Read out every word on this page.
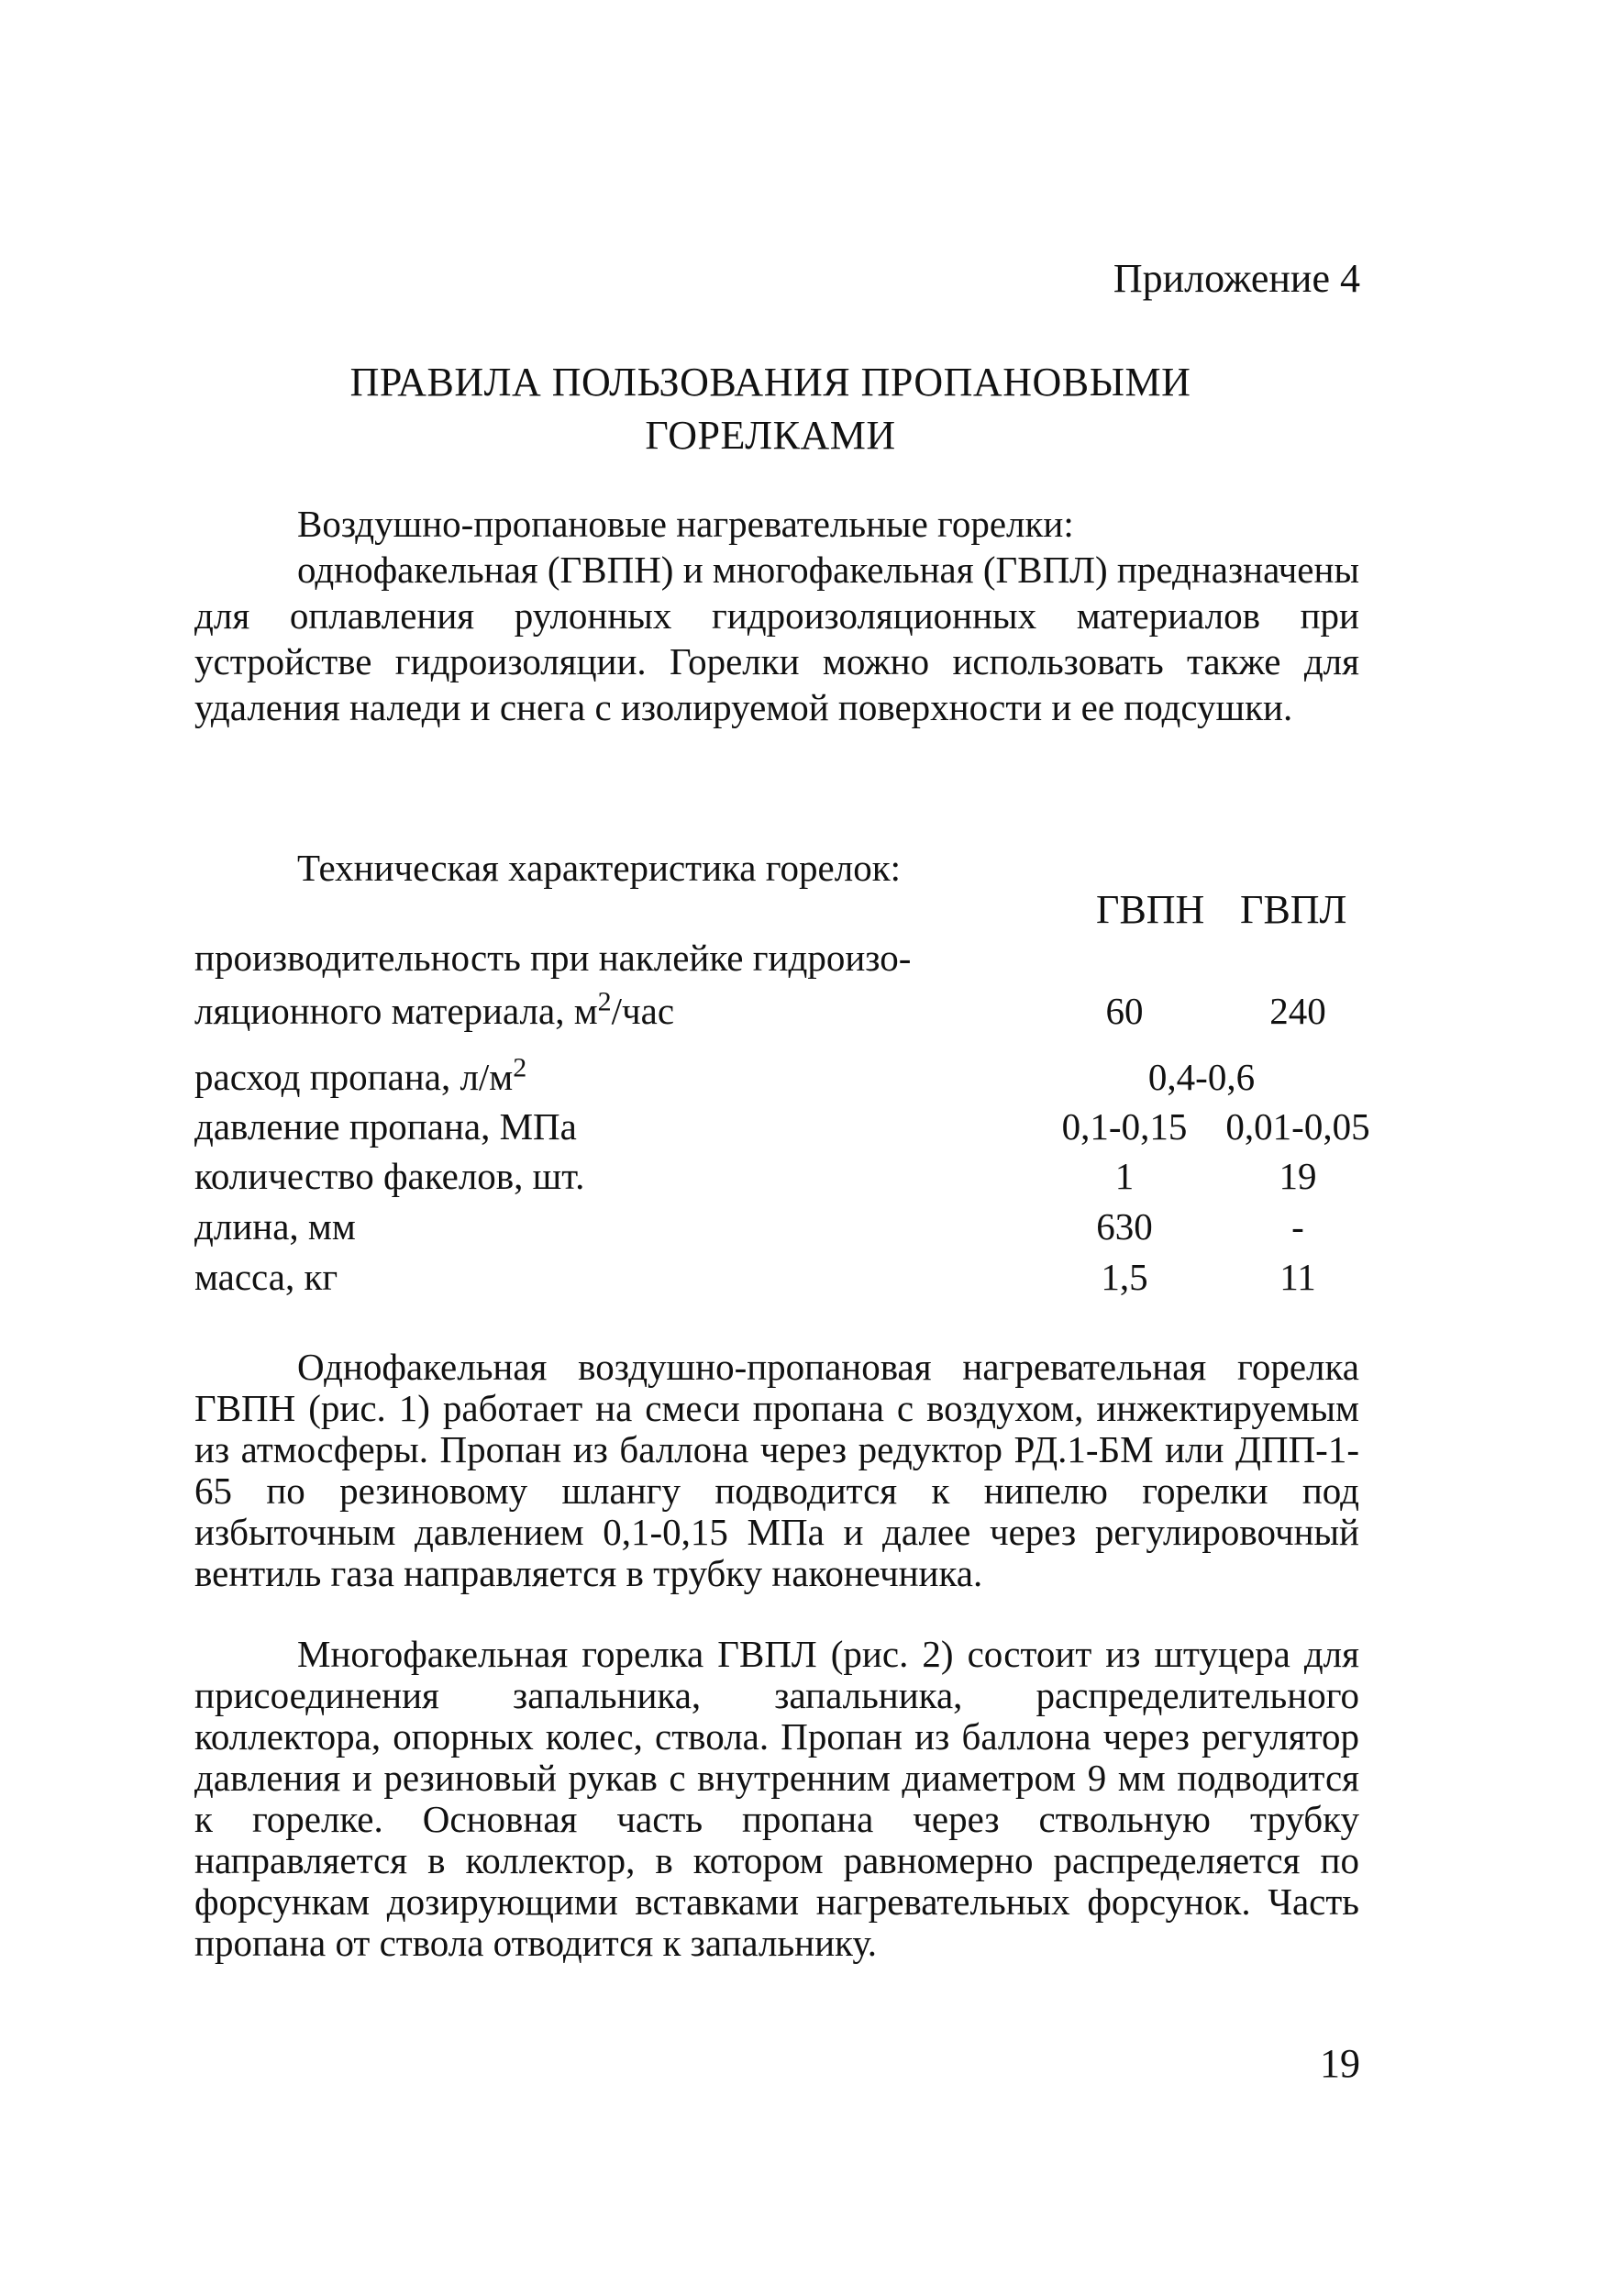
Приложение 4
ПРАВИЛА ПОЛЬЗОВАНИЯ ПРОПАНОВЫМИ
ГОРЕЛКАМИ
Воздушно-пропановые нагревательные горелки:
однофакельная (ГВПН) и многофакельная (ГВПЛ) предназначены для оплавления рулонных гидроизоляционных материалов при устройстве гидроизоляции. Горелки можно использовать также для удаления наледи и снега с изолируемой поверхности и ее подсушки.
Техническая характеристика горелок:
ГВПН ГВПЛ
производительность при наклейке гидроизо-
ляционного материала, $м^2$/час	60	240
расход пропана, $л/м^2$	0,4-0,6
давление пропана, МПа	0,1-0,15	0,01-0,05
количество факелов, шт.	1	19
длина, мм	630	-
масса, кг	1,5	11
Однофакельная воздушно-пропановая нагревательная горелка ГВПН (рис. 1) работает на смеси пропана с воздухом, инжектируемым из атмосферы. Пропан из баллона через редуктор РД.1-БМ или ДПП-1-65 по резиновому шлангу подводится к нипелю горелки под избыточным давлением 0,1-0,15 МПа и далее через регулировочный вентиль газа направляется в трубку наконечника.
Многофакельная горелка ГВПЛ (рис. 2) состоит из штуцера для присоединения запальника, запальника, распределительного коллектора, опорных колес, ствола. Пропан из баллона через регулятор давления и резиновый рукав с внутренним диаметром 9 мм подводится к горелке. Основная часть пропана через ствольную трубку направляется в коллектор, в котором равномерно распределяется по форсункам дозирующими вставками нагревательных форсунок. Часть пропана от ствола отводится к запальнику.
19
